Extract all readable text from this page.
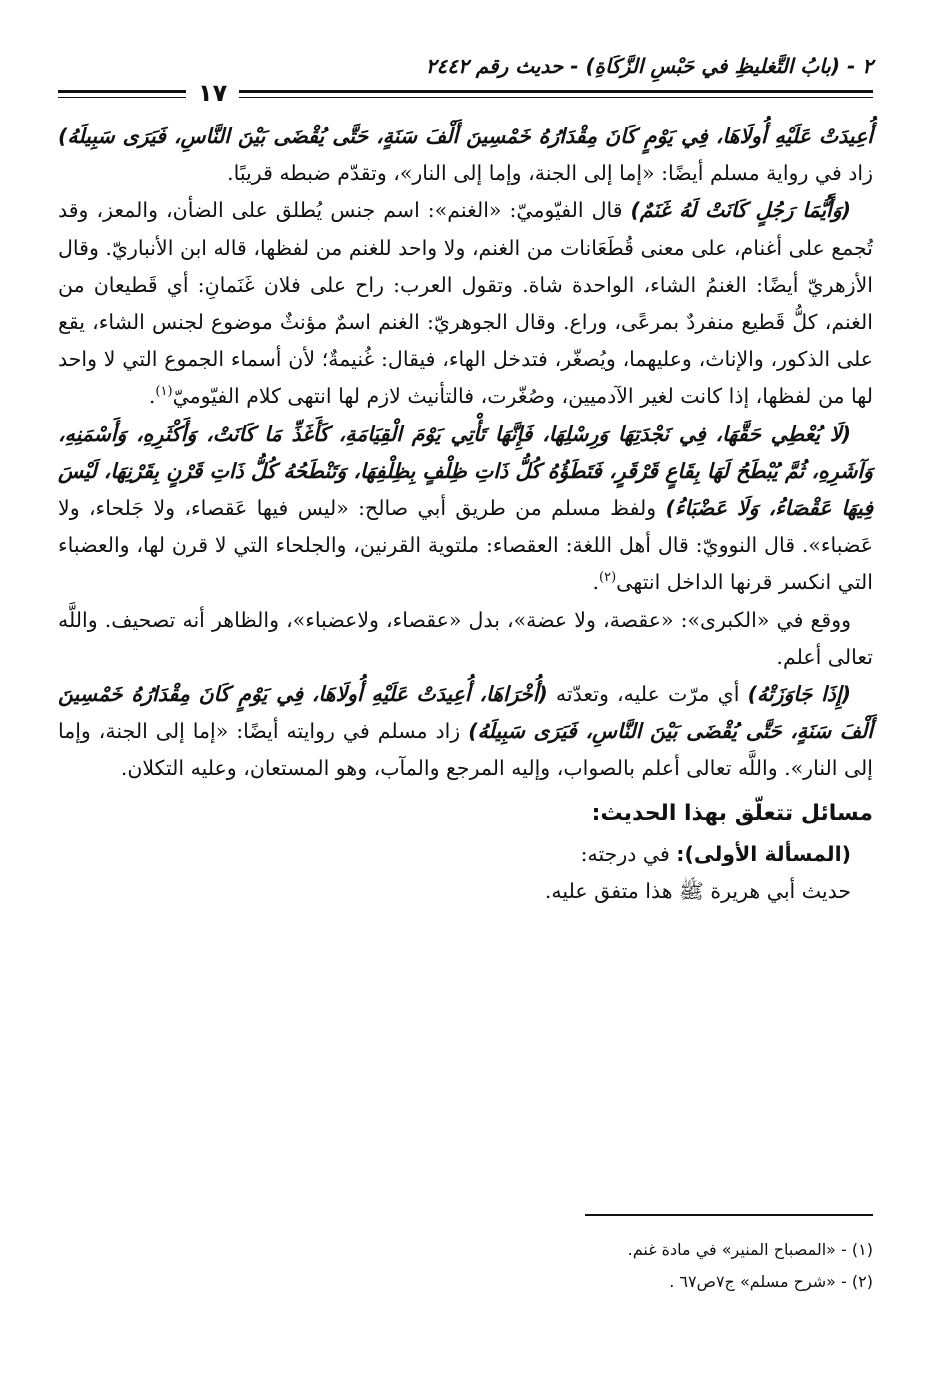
٢ - (بابُ التَّغليظِ في حَبْسِ الزَّكَاةِ) - حديث رقم ٢٤٤٢
١٧

أُعِيدَتْ عَلَيْهِ أُولَاهَا، فِي يَوْمٍ كَانَ مِقْدَارُهُ خَمْسِينَ أَلْفَ سَنَةٍ، حَتَّى يُقْضَى بَيْنَ النَّاسِ، فَيَرَى سَبِيلَهُ) زاد في رواية مسلم أيضًا: «إما إلى الجنة، وإما إلى النار»، وتقدّم ضبطه قريبًا.

(وَأَيُّمَا رَجُلٍ كَانَتْ لَهُ غَنَمٌ) قال الفيّوميّ: «الغنم»: اسم جنس يُطلق على الضأن، والمعز، وقد تُجمع على أغنام، على معنى قُطَعَانات من الغنم، ولا واحد للغنم من لفظها، قاله ابن الأنباريّ. وقال الأزهريّ أيضًا: الغنمُ الشاء، الواحدة شاة. وتقول العرب: راح على فلان غَنَمانِ: أي قَطيعان من الغنم، كلُّ قَطيع منفردٌ بمرعًى، وراع. وقال الجوهريّ: الغنم اسمٌ مؤنثٌ موضوع لجنس الشاء، يقع على الذكور، والإناث، وعليهما، ويُصغّر، فتدخل الهاء، فيقال: غُنيمةٌ؛ لأن أسماء الجموع التي لا واحد لها من لفظها، إذا كانت لغير الآدميين، وصُغّرت، فالتأنيث لازم لها انتهى كلام الفيّوميّ$^{(١)}$.

(لَا يُعْطِي حَقَّهَا، فِي نَجْدَتِهَا وَرِسْلِهَا، فَإِنَّهَا تَأْتِي يَوْمَ الْقِيَامَةِ، كَأَغَذِّ مَا كَانَتْ، وَأَكْثَرِهِ، وَأَسْمَنِهِ، وَآشَرِهِ، ثُمَّ يُبْطَحُ لَهَا بِقَاعٍ قَرْقَرٍ، فَتَطَؤُهُ كُلُّ ذَاتِ ظِلْفٍ بِظِلْفِهَا، وَتَنْطَحُهُ كُلُّ ذَاتِ قَرْنٍ بِقَرْنِهَا، لَيْسَ فِيهَا عَقْصَاءُ، وَلَا عَضْبَاءُ) ولفظ مسلم من طريق أبي صالح: «ليس فيها عَقصاء، ولا جَلحاء، ولا عَضباء». قال النوويّ: قال أهل اللغة: العقصاء: ملتوية القرنين، والجلحاء التي لا قرن لها، والعضباء التي انكسر قرنها الداخل انتهى$^{(٢)}$.

ووقع في «الكبرى»: «عقصة، ولا عضة»، بدل «عقصاء، ولاعضباء»، والظاهر أنه تصحيف. واللَّه تعالى أعلم.

(إِذَا جَاوَزَتْهُ) أي مرّت عليه، وتعدّته (أُخْرَاهَا، أُعِيدَتْ عَلَيْهِ أُولَاهَا، فِي يَوْمٍ كَانَ مِقْدَارُهُ خَمْسِينَ أَلْفَ سَنَةٍ، حَتَّى يُقْضَى بَيْنَ النَّاسِ، فَيَرَى سَبِيلَهُ) زاد مسلم في روايته أيضًا: «إما إلى الجنة، وإما إلى النار». واللَّه تعالى أعلم بالصواب، وإليه المرجع والمآب، وهو المستعان، وعليه التكلان.

مسائل تتعلّق بهذا الحديث:

(المسألة الأولى): في درجته:

حديث أبي هريرة ﷺ هذا متفق عليه.

(١) - «المصباح المنير» في مادة غنم.

(٢) - «شرح مسلم» ج٧ص٦٧ .
